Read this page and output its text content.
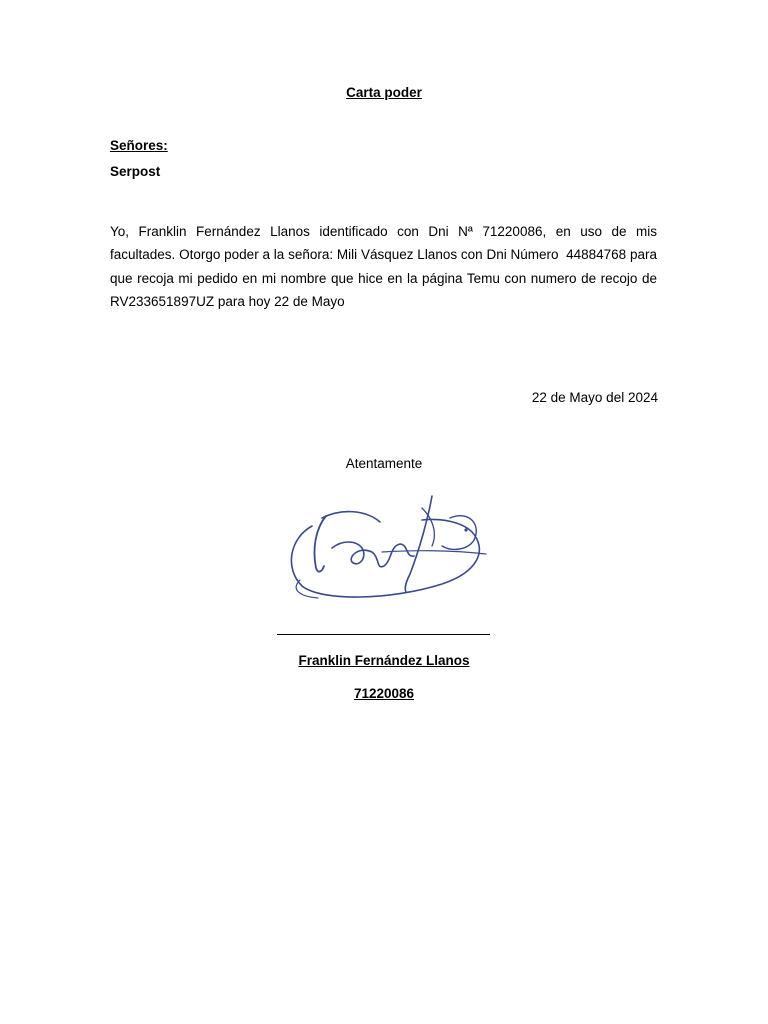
Carta poder
Señores:
Serpost
Yo, Franklin Fernández Llanos identificado con Dni Nª 71220086, en uso de mis facultades. Otorgo poder a la señora: Mili Vásquez Llanos con Dni Número  44884768 para que recoja mi pedido en mi nombre que hice en la página Temu con numero de recojo de RV233651897UZ para hoy 22 de Mayo
22 de Mayo del 2024
Atentamente
Franklin Fernández Llanos
71220086
